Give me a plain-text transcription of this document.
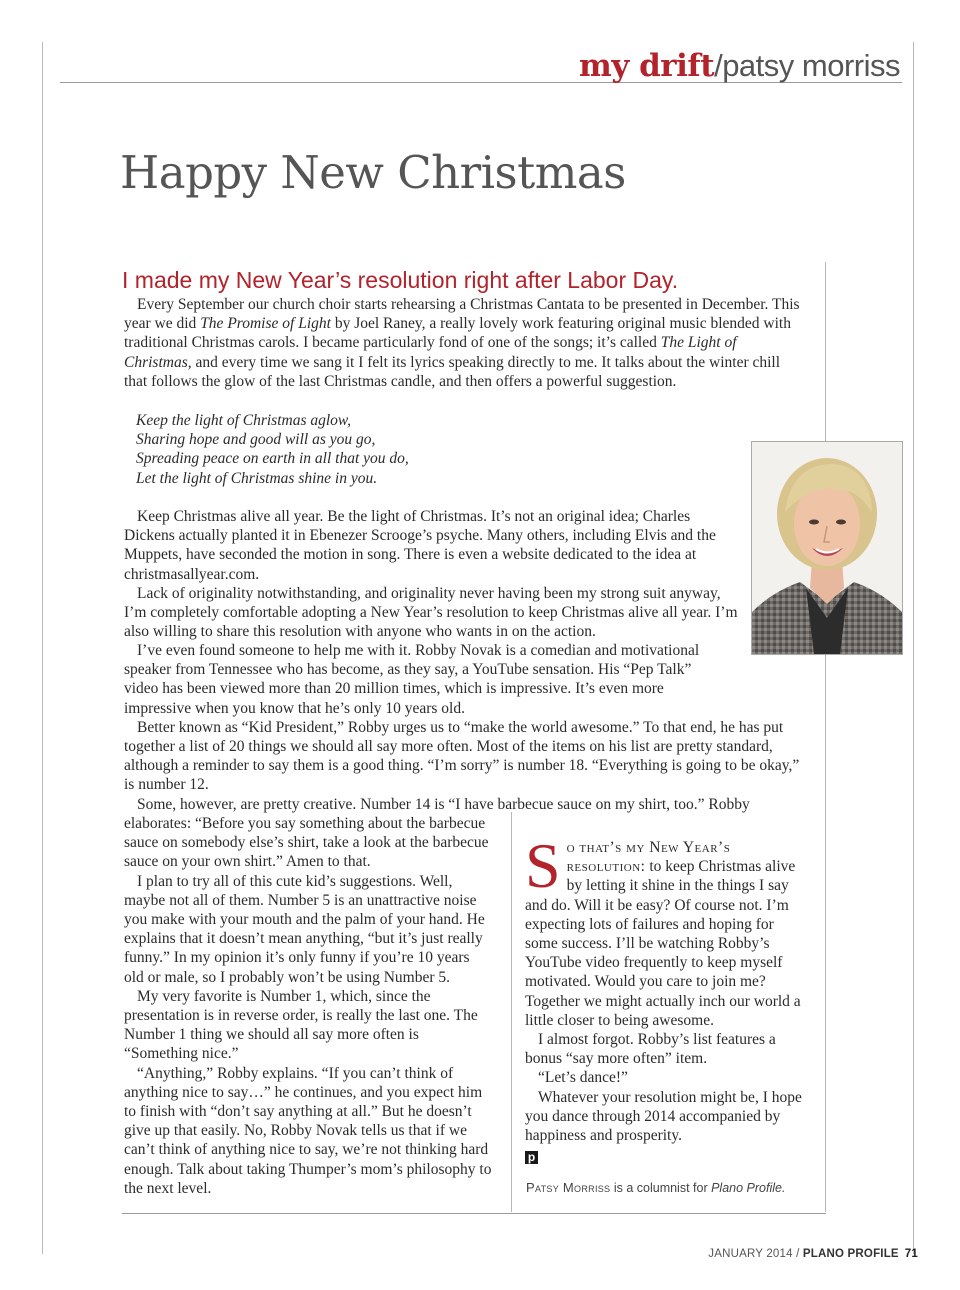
my drift/patsy morriss
Happy New Christmas
I made my New Year’s resolution right after Labor Day.

Every September our church choir starts rehearsing a Christmas Cantata to be presented in December. This year we did The Promise of Light by Joel Raney, a really lovely work featuring original music blended with traditional Christmas carols. I became particularly fond of one of the songs; it’s called The Light of Christmas, and every time we sang it I felt its lyrics speaking directly to me. It talks about the winter chill that follows the glow of the last Christmas candle, and then offers a powerful suggestion.

Keep the light of Christmas aglow,
Sharing hope and good will as you go,
Spreading peace on earth in all that you do,
Let the light of Christmas shine in you.

Keep Christmas alive all year. Be the light of Christmas. It’s not an original idea; Charles Dickens actually planted it in Ebenezer Scrooge’s psyche. Many others, including Elvis and the Muppets, have seconded the motion in song. There is even a website dedicated to the idea at christmasallyear.com.

Lack of originality notwithstanding, and originality never having been my strong suit anyway, I’m completely comfortable adopting a New Year’s resolution to keep Christmas alive all year. I’m also willing to share this resolution with anyone who wants in on the action.

I’ve even found someone to help me with it. Robby Novak is a comedian and motivational speaker from Tennessee who has become, as they say, a YouTube sensation. His “Pep Talk” video has been viewed more than 20 million times, which is impressive. It’s even more impressive when you know that he’s only 10 years old.

Better known as “Kid President,” Robby urges us to “make the world awesome.” To that end, he has put together a list of 20 things we should all say more often. Most of the items on his list are pretty standard, although a reminder to say them is a good thing. “I’m sorry” is number 18. “Everything is going to be okay,” is number 12.

Some, however, are pretty creative. Number 14 is “I have barbecue sauce on my shirt, too.” Robby

elaborates: “Before you say something about the barbecue sauce on somebody else’s shirt, take a look at the barbecue sauce on your own shirt.” Amen to that.

I plan to try all of this cute kid’s suggestions. Well, maybe not all of them. Number 5 is an unattractive noise you make with your mouth and the palm of your hand. He explains that it doesn’t mean anything, “but it’s just really funny.” In my opinion it’s only funny if you’re 10 years old or male, so I probably won’t be using Number 5.

My very favorite is Number 1, which, since the presentation is in reverse order, is really the last one. The Number 1 thing we should all say more often is “Something nice.”

“Anything,” Robby explains. “If you can’t think of anything nice to say…” he continues, and you expect him to finish with “don’t say anything at all.” But he doesn’t give up that easily. No, Robby Novak tells us that if we can’t think of anything nice to say, we’re not thinking hard enough. Talk about taking Thumper’s mom’s philosophy to the next level.

So that’s my New Year’s resolution: to keep Christmas alive by letting it shine in the things I say and do. Will it be easy? Of course not. I’m expecting lots of failures and hoping for some success. I’ll be watching Robby’s YouTube video frequently to keep myself motivated. Would you care to join me? Together we might actually inch our world a little closer to being awesome.

I almost forgot. Robby’s list features a bonus “say more often” item.

“Let’s dance!”

Whatever your resolution might be, I hope you dance through 2014 accompanied by happiness and prosperity.

p
Patsy Morriss is a columnist for Plano Profile.
JANUARY 2014 / PLANO PROFILE 71
